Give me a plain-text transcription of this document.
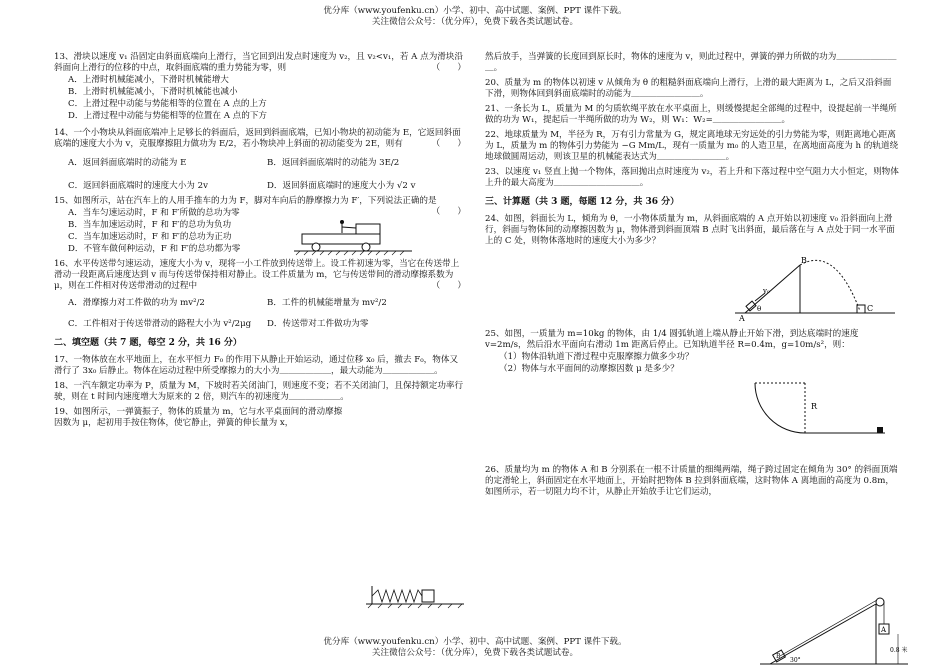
优分库（www.youfenku.cn）小学、初中、高中试题、案例、PPT 课件下载。
关注微信公众号：（优分库），免费下载各类试题试卷。
13、滑块以速度 v₁ 沿固定由斜面底端向上滑行，当它回到出发点时速度为 v₂，且 v₂<v₁，若 A 点为滑块沿斜面向上滑行的位移的中点，取斜面底端的重力势能为零，则	（　　）
A．上滑时机械能减小，下滑时机械能增大
B．上滑时机械能减小，下滑时机械能也减小
C．上滑过程中动能与势能相等的位置在 A 点的上方
D．上滑过程中动能与势能相等的位置在 A 点的下方
14、一个小物块从斜面底端冲上足够长的斜面后，返回到斜面底端，已知小物块的初动能为 E，它返回斜面底端的速度大小为 v，克服摩擦阻力做功为 E/2，若小物块冲上斜面的初动能变为 2E，则有	（　　）
A．返回斜面底端时的动能为 E	B．返回斜面底端时的动能为 3E/2
C．返回斜面底端时的速度大小为 2v	D．返回斜面底端时的速度大小为 √2 v
15、如图所示，站在汽车上的人用手推车的力为 F，脚对车向后的静摩擦力为 F′，下列说法正确的是
（　　）
A．当车匀速运动时，F 和 F′所做的总功为零
B．当车加速运动时，F 和 F′的总功为负功
C．当车加速运动时，F 和 F′的总功为正功
D．不管车做何种运动，F 和 F′的总功都为零
16、水平传送带匀速运动，速度大小为 v，现将一小工件放到传送带上。设工件初速为零，当它在传送带上滑动一段距离后速度达到 v 而与传送带保持相对静止。设工件质量为 m，它与传送带间的滑动摩擦系数为 μ，则在工件相对传送带滑动的过程中	（　　）
A．滑摩擦力对工件做的功为 mv²/2	B．工件的机械能增量为 mv²/2
C．工件相对于传送带滑动的路程大小为 v²/2μg	D．传送带对工件做功为零
二、填空题（共 7 题，每空 2 分，共 16 分）
17、一物体放在水平地面上，在水平恒力 F₀ 的作用下从静止开始运动，通过位移 x₀ 后，撤去 F₀，物体又滑行了 3x₀ 后静止。物体在运动过程中所受摩擦力的大小为＿＿＿＿＿＿，最大动能为＿＿＿＿＿＿。
18、一汽车额定功率为 P，质量为 M，下坡时若关闭油门，则速度不变；若不关闭油门，且保持额定功率行驶，则在 t 时间内速度增大为原来的 2 倍，则汽车的初速度为＿＿＿＿＿＿。
19、如图所示，一弹簧振子，物体的质量为 m，它与水平桌面间的滑动摩擦因数为 μ，起初用手按住物体，使它静止，弹簧的伸长量为 x，
然后放手，当弹簧的长度回到原长时，物体的速度为 v，则此过程中，弹簧的弹力所做的功为＿＿＿＿＿＿＿＿。
20、质量为 m 的物体以初速 v 从倾角为 θ 的粗糙斜面底端向上滑行，上滑的最大距离为 L，之后又沿斜面下滑，则物体回到斜面底端时的动能为＿＿＿＿＿＿＿＿。
21、一条长为 L，质量为 M 的匀质软绳平放在水平桌面上，则缓慢提起全部绳的过程中，设提起前一半绳所做的功为 W₁，提起后一半绳所做的功为 W₂，则 W₁：W₂=＿＿＿＿＿＿＿＿。
22、地球质量为 M，半径为 R，万有引力常量为 G，规定离地球无穷远处的引力势能为零，则距离地心距离为 L，质量为 m 的物体引力势能为 −G Mm/L，现有一质量为 m₀ 的人造卫星，在离地面高度为 h 的轨道绕地球做圆周运动，则该卫星的机械能表达式为＿＿＿＿＿＿＿＿。
23、以速度 v₁ 竖直上抛一个物体，落回抛出点时速度为 v₂，若上升和下落过程中空气阻力大小恒定，则物体上升的最大高度为＿＿＿＿＿＿＿＿＿＿。
三、计算题（共 3 题，每题 12 分，共 36 分）
24、如图，斜面长为 L，倾角为 θ，一小物体质量为 m，从斜面底端的 A 点开始以初速度 v₀ 沿斜面向上滑行，斜面与物体间的动摩擦因数为 μ，物体滑到斜面顶端 B 点时飞出斜面，最后落在与 A 点处于同一水平面上的 C 处，则物体落地时的速度大小为多少？
A
B
C
v₀
θ
25、如图，一质量为 m=10kg 的物体，由 1/4 圆弧轨道上端从静止开始下滑，到达底端时的速度 v=2m/s，然后沿水平面向右滑动 1m 距离后停止。已知轨道半径 R=0.4m，g=10m/s²，则：
（1）物体沿轨道下滑过程中克服摩擦力做多少功？
（2）物体与水平面间的动摩擦因数 μ 是多少？
R
26、质量均为 m 的物体 A 和 B 分别系在一根不计质量的细绳两端，绳子跨过固定在倾角为 30° 的斜面顶端的定滑轮上，斜面固定在水平地面上，开始时把物体 B 拉到斜面底端，这时物体 A 离地面的高度为 0.8m，如图所示，若一切阻力均不计，从静止开始放手让它们运动，
A
B
0.8 米
30°
优分库（www.youfenku.cn）小学、初中、高中试题、案例、PPT 课件下载。
关注微信公众号：（优分库），免费下载各类试题试卷。
